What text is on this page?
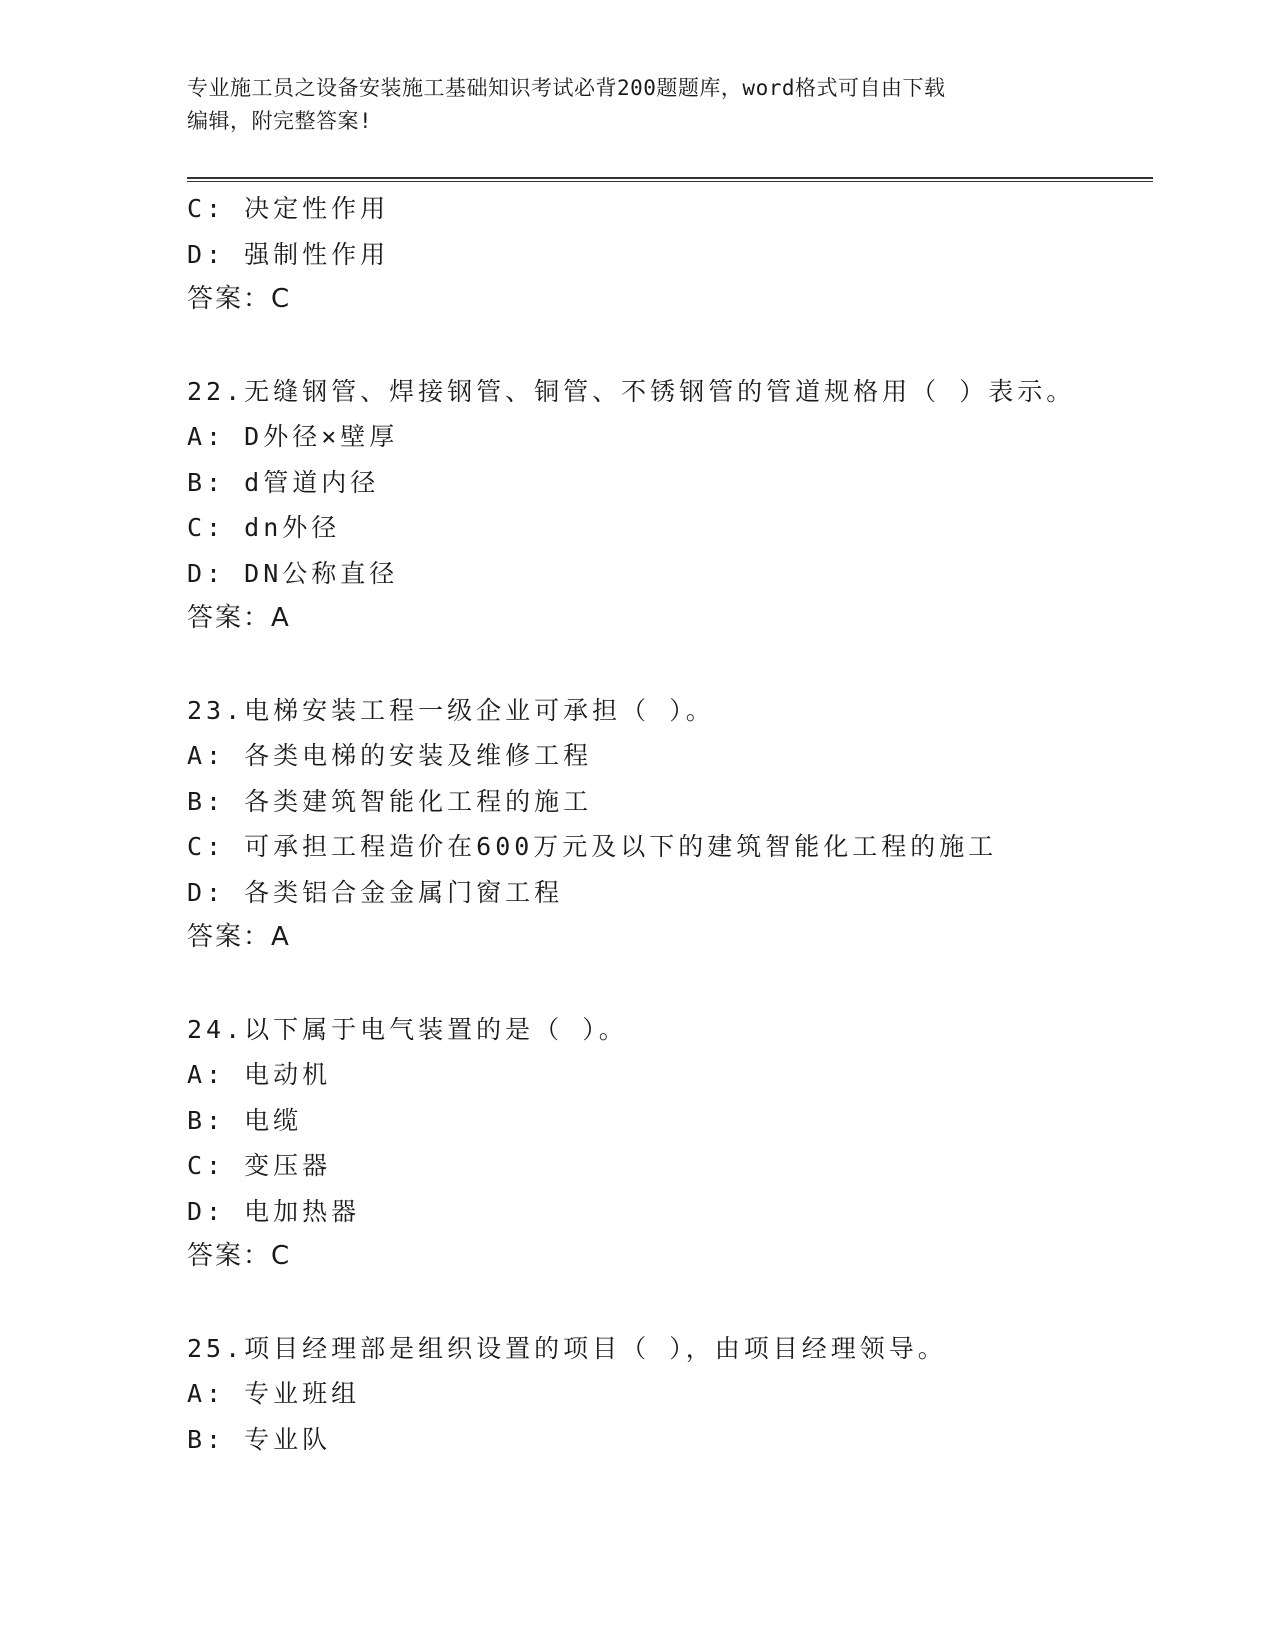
专业施工员之设备安装施工基础知识考试必背200题题库，word格式可自由下载
编辑，附完整答案!
C: 决定性作用
D: 强制性作用
答案：C
22.无缝钢管、焊接钢管、铜管、不锈钢管的管道规格用（ ）表示。
A: D外径×壁厚
B: d管道内径
C: dn外径
D: DN公称直径
答案：A
23.电梯安装工程一级企业可承担（ ）。
A: 各类电梯的安装及维修工程
B: 各类建筑智能化工程的施工
C: 可承担工程造价在600万元及以下的建筑智能化工程的施工
D: 各类铝合金金属门窗工程
答案：A
24.以下属于电气装置的是（ ）。
A: 电动机
B: 电缆
C: 变压器
D: 电加热器
答案：C
25.项目经理部是组织设置的项目（ ），由项目经理领导。
A: 专业班组
B: 专业队
